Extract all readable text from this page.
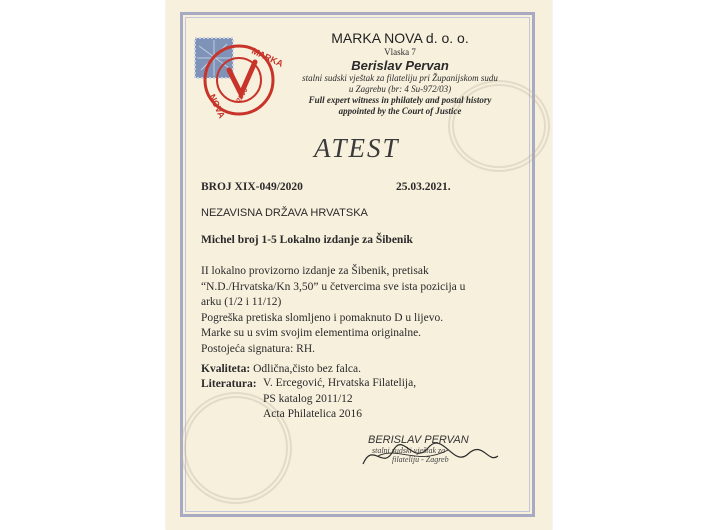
MARKA
NOVA 2000
MARKA NOVA d. o. o.
Vlaska 7
Berislav Pervan
stalni sudski vještak za filateliju pri Županijskom sudu
u Zagrebu (br: 4 Su-972/03)
Full expert witness in philately and postal history
appointed by the Court of Justice
ATEST
BROJ XIX-049/2020	25.03.2021.
NEZAVISNA DRŽAVA HRVATSKA
Michel broj 1-5 Lokalno izdanje za Šibenik
II lokalno provizorno izdanje za Šibenik, pretisak
“N.D./Hrvatska/Kn 3,50” u četvercima sve ista pozicija u
arku (1/2 i 11/12)
Pogreška pretiska slomljeno i pomaknuto D u lijevo.
Marke su u svim svojim elementima originalne.
Postojeća signatura: RH.
Kvaliteta: Odlična,čisto bez falca.
Literatura: V. Ercegović, Hrvatska Filatelija,
PS katalog 2011/12
Acta Philatelica 2016
BERISLAV PERVAN
stalni sudski vještak za
filateliju - Zagreb
